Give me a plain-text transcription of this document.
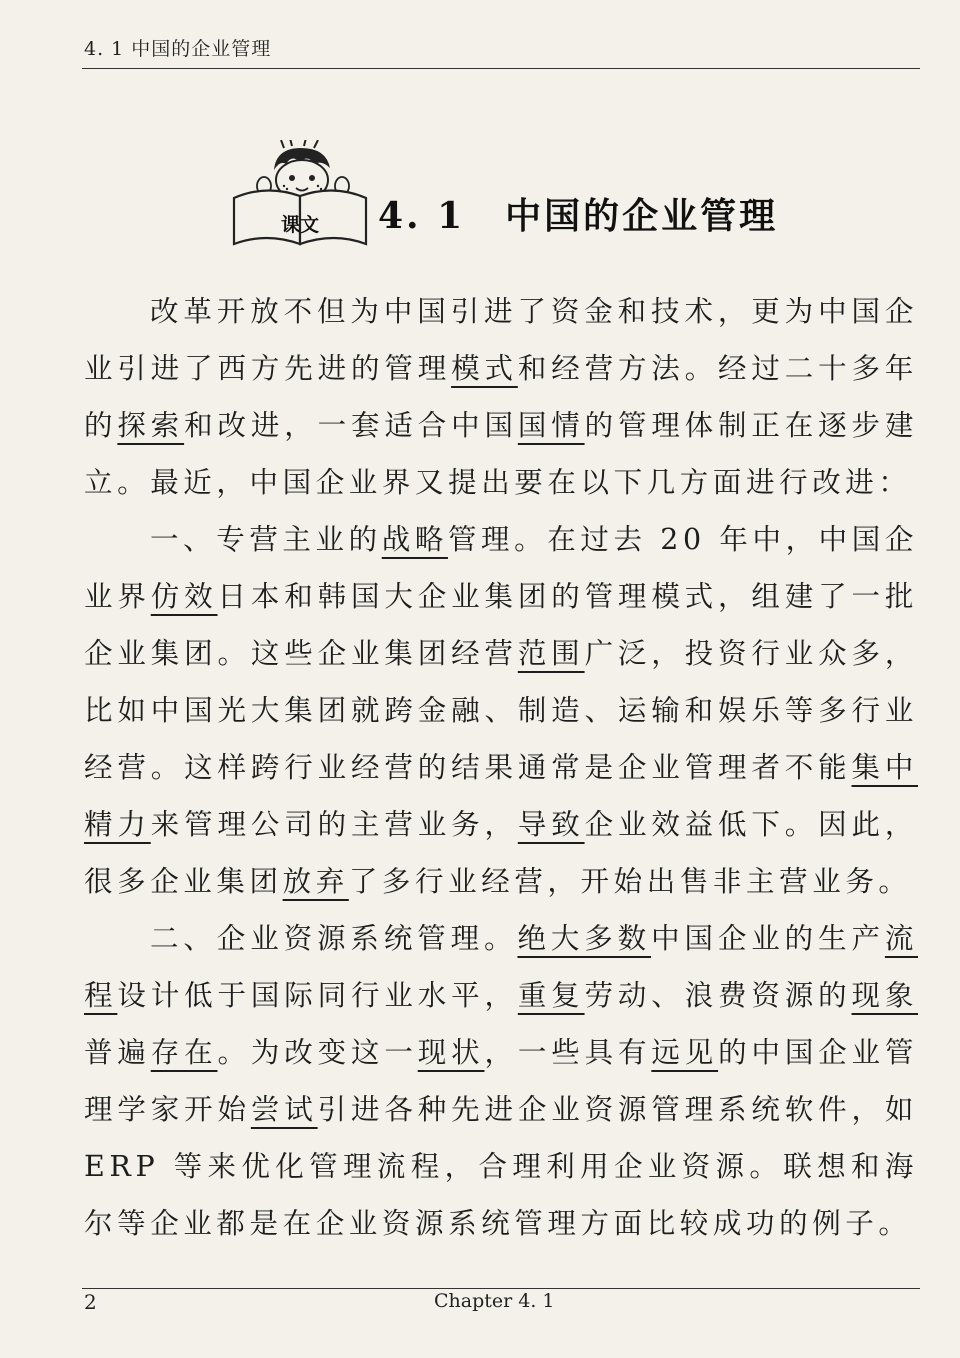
4. 1 中国的企业管理
课文	4. 1 中国的企业管理

改革开放不但为中国引进了资金和技术，更为中国企业引进了西方先进的管理模式和经营方法。经过二十多年的探索和改进，一套适合中国国情的管理体制正在逐步建立。最近，中国企业界又提出要在以下几方面进行改进：

一、专营主业的战略管理。在过去 20 年中，中国企业界仿效日本和韩国大企业集团的管理模式，组建了一批企业集团。这些企业集团经营范围广泛，投资行业众多，比如中国光大集团就跨金融、制造、运输和娱乐等多行业经营。这样跨行业经营的结果通常是企业管理者不能集中精力来管理公司的主营业务，导致企业效益低下。因此，很多企业集团放弃了多行业经营，开始出售非主营业务。

二、企业资源系统管理。绝大多数中国企业的生产流程设计低于国际同行业水平，重复劳动、浪费资源的现象普遍存在。为改变这一现状，一些具有远见的中国企业管理学家开始尝试引进各种先进企业资源管理系统软件，如 ERP 等来优化管理流程，合理利用企业资源。联想和海尔等企业都是在企业资源系统管理方面比较成功的例子。

2	Chapter 4. 1
